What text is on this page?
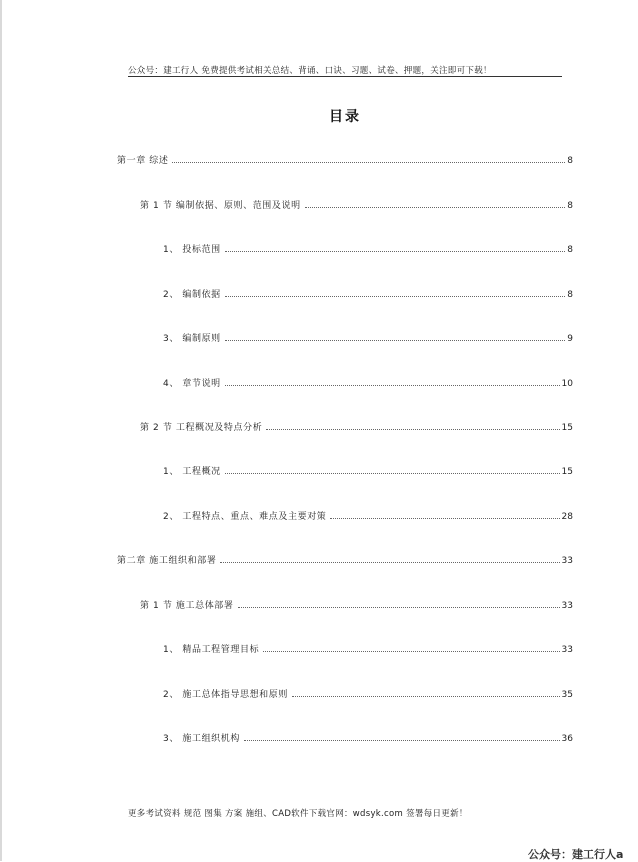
公众号：建工行人 免费提供考试相关总结、背诵、口诀、习题、试卷、押题，关注即可下载！
目录
第一章 综述	8
第 1 节 编制依据、原则、范围及说明	8
1、 投标范围	8
2、 编制依据	8
3、 编制原则	9
4、 章节说明	10
第 2 节 工程概况及特点分析	15
1、 工程概况	15
2、 工程特点、重点、难点及主要对策	28
第二章 施工组织和部署	33
第 1 节 施工总体部署	33
1、 精品工程管理目标	33
2、 施工总体指导思想和原则	35
3、 施工组织机构	36
更多考试资料 规范 图集 方案 施组、CAD软件下载官网：wdsyk.com 签署每日更新！
公众号：建工行人a
